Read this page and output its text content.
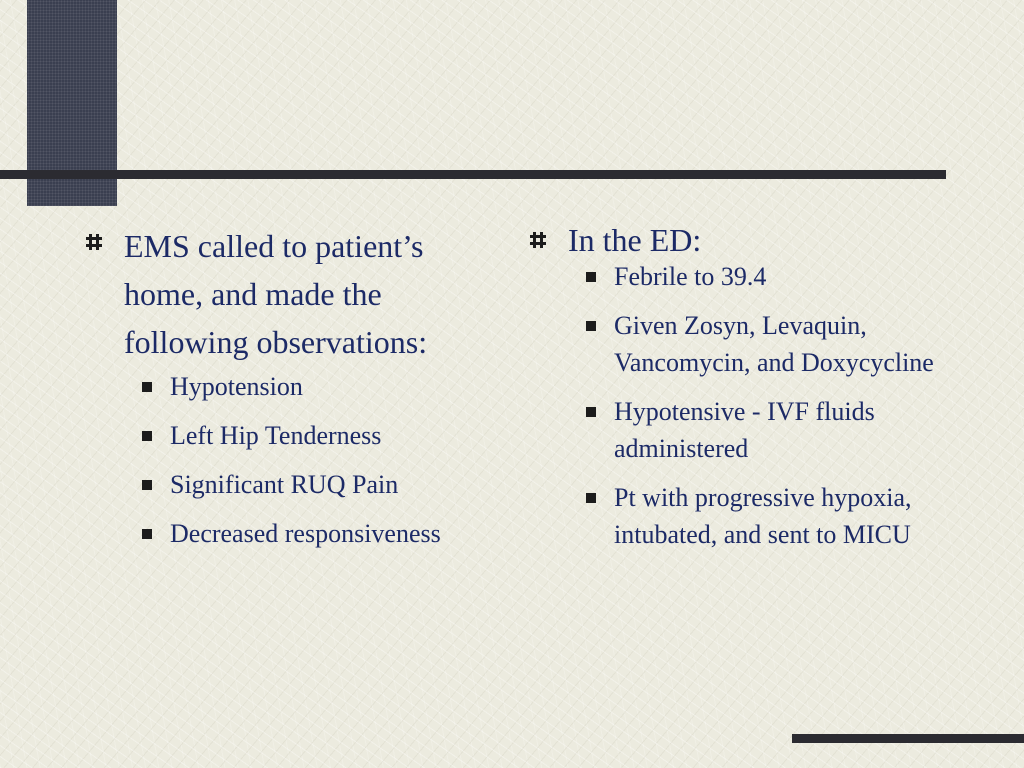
EMS called to patient’s home, and made the following observations:
Hypotension
Left Hip Tenderness
Significant RUQ Pain
Decreased responsiveness
In the ED:
Febrile to 39.4
Given Zosyn, Levaquin, Vancomycin, and Doxycycline
Hypotensive - IVF fluids administered
Pt with progressive hypoxia, intubated, and sent to MICU
